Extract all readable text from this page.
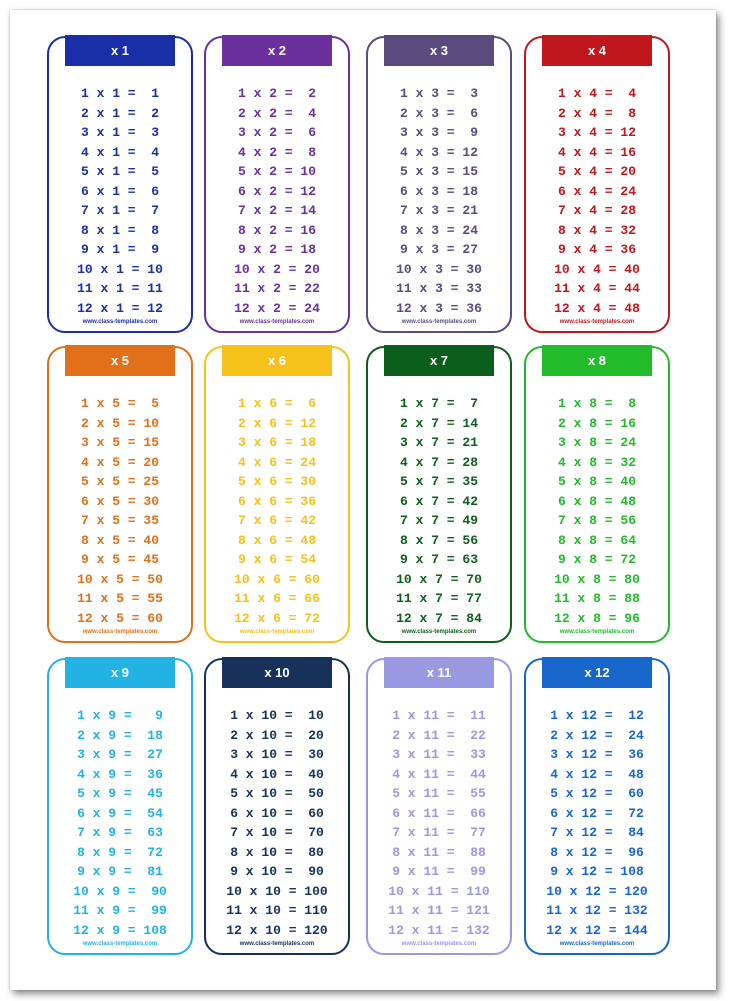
x 1
1 x 1 =  1
2 x 1 =  2
3 x 1 =  3
4 x 1 =  4
5 x 1 =  5
6 x 1 =  6
7 x 1 =  7
8 x 1 =  8
9 x 1 =  9
10 x 1 = 10
11 x 1 = 11
12 x 1 = 12
www.class-templates.com
x 2
1 x 2 =  2
2 x 2 =  4
3 x 2 =  6
4 x 2 =  8
5 x 2 = 10
6 x 2 = 12
7 x 2 = 14
8 x 2 = 16
9 x 2 = 18
10 x 2 = 20
11 x 2 = 22
12 x 2 = 24
www.class-templates.com
x 3
1 x 3 =  3
2 x 3 =  6
3 x 3 =  9
4 x 3 = 12
5 x 3 = 15
6 x 3 = 18
7 x 3 = 21
8 x 3 = 24
9 x 3 = 27
10 x 3 = 30
11 x 3 = 33
12 x 3 = 36
www.class-templates.com
x 4
1 x 4 =  4
2 x 4 =  8
3 x 4 = 12
4 x 4 = 16
5 x 4 = 20
6 x 4 = 24
7 x 4 = 28
8 x 4 = 32
9 x 4 = 36
10 x 4 = 40
11 x 4 = 44
12 x 4 = 48
www.class-templates.com
x 5
1 x 5 =  5
2 x 5 = 10
3 x 5 = 15
4 x 5 = 20
5 x 5 = 25
6 x 5 = 30
7 x 5 = 35
8 x 5 = 40
9 x 5 = 45
10 x 5 = 50
11 x 5 = 55
12 x 5 = 60
www.class-templates.com
x 6
1 x 6 =  6
2 x 6 = 12
3 x 6 = 18
4 x 6 = 24
5 x 6 = 30
6 x 6 = 36
7 x 6 = 42
8 x 6 = 48
9 x 6 = 54
10 x 6 = 60
11 x 6 = 66
12 x 6 = 72
www.class-templates.com
x 7
1 x 7 =  7
2 x 7 = 14
3 x 7 = 21
4 x 7 = 28
5 x 7 = 35
6 x 7 = 42
7 x 7 = 49
8 x 7 = 56
9 x 7 = 63
10 x 7 = 70
11 x 7 = 77
12 x 7 = 84
www.class-templates.com
x 8
1 x 8 =  8
2 x 8 = 16
3 x 8 = 24
4 x 8 = 32
5 x 8 = 40
6 x 8 = 48
7 x 8 = 56
8 x 8 = 64
9 x 8 = 72
10 x 8 = 80
11 x 8 = 88
12 x 8 = 96
www.class-templates.com
x 9
1 x 9 =   9
2 x 9 =  18
3 x 9 =  27
4 x 9 =  36
5 x 9 =  45
6 x 9 =  54
7 x 9 =  63
8 x 9 =  72
9 x 9 =  81
10 x 9 =  90
11 x 9 =  99
12 x 9 = 108
www.class-templates.com
x 10
1 x 10 =  10
2 x 10 =  20
3 x 10 =  30
4 x 10 =  40
5 x 10 =  50
6 x 10 =  60
7 x 10 =  70
8 x 10 =  80
9 x 10 =  90
10 x 10 = 100
11 x 10 = 110
12 x 10 = 120
www.class-templates.com
x 11
1 x 11 =  11
2 x 11 =  22
3 x 11 =  33
4 x 11 =  44
5 x 11 =  55
6 x 11 =  66
7 x 11 =  77
8 x 11 =  88
9 x 11 =  99
10 x 11 = 110
11 x 11 = 121
12 x 11 = 132
www.class-templates.com
x 12
1 x 12 =  12
2 x 12 =  24
3 x 12 =  36
4 x 12 =  48
5 x 12 =  60
6 x 12 =  72
7 x 12 =  84
8 x 12 =  96
9 x 12 = 108
10 x 12 = 120
11 x 12 = 132
12 x 12 = 144
www.class-templates.com
